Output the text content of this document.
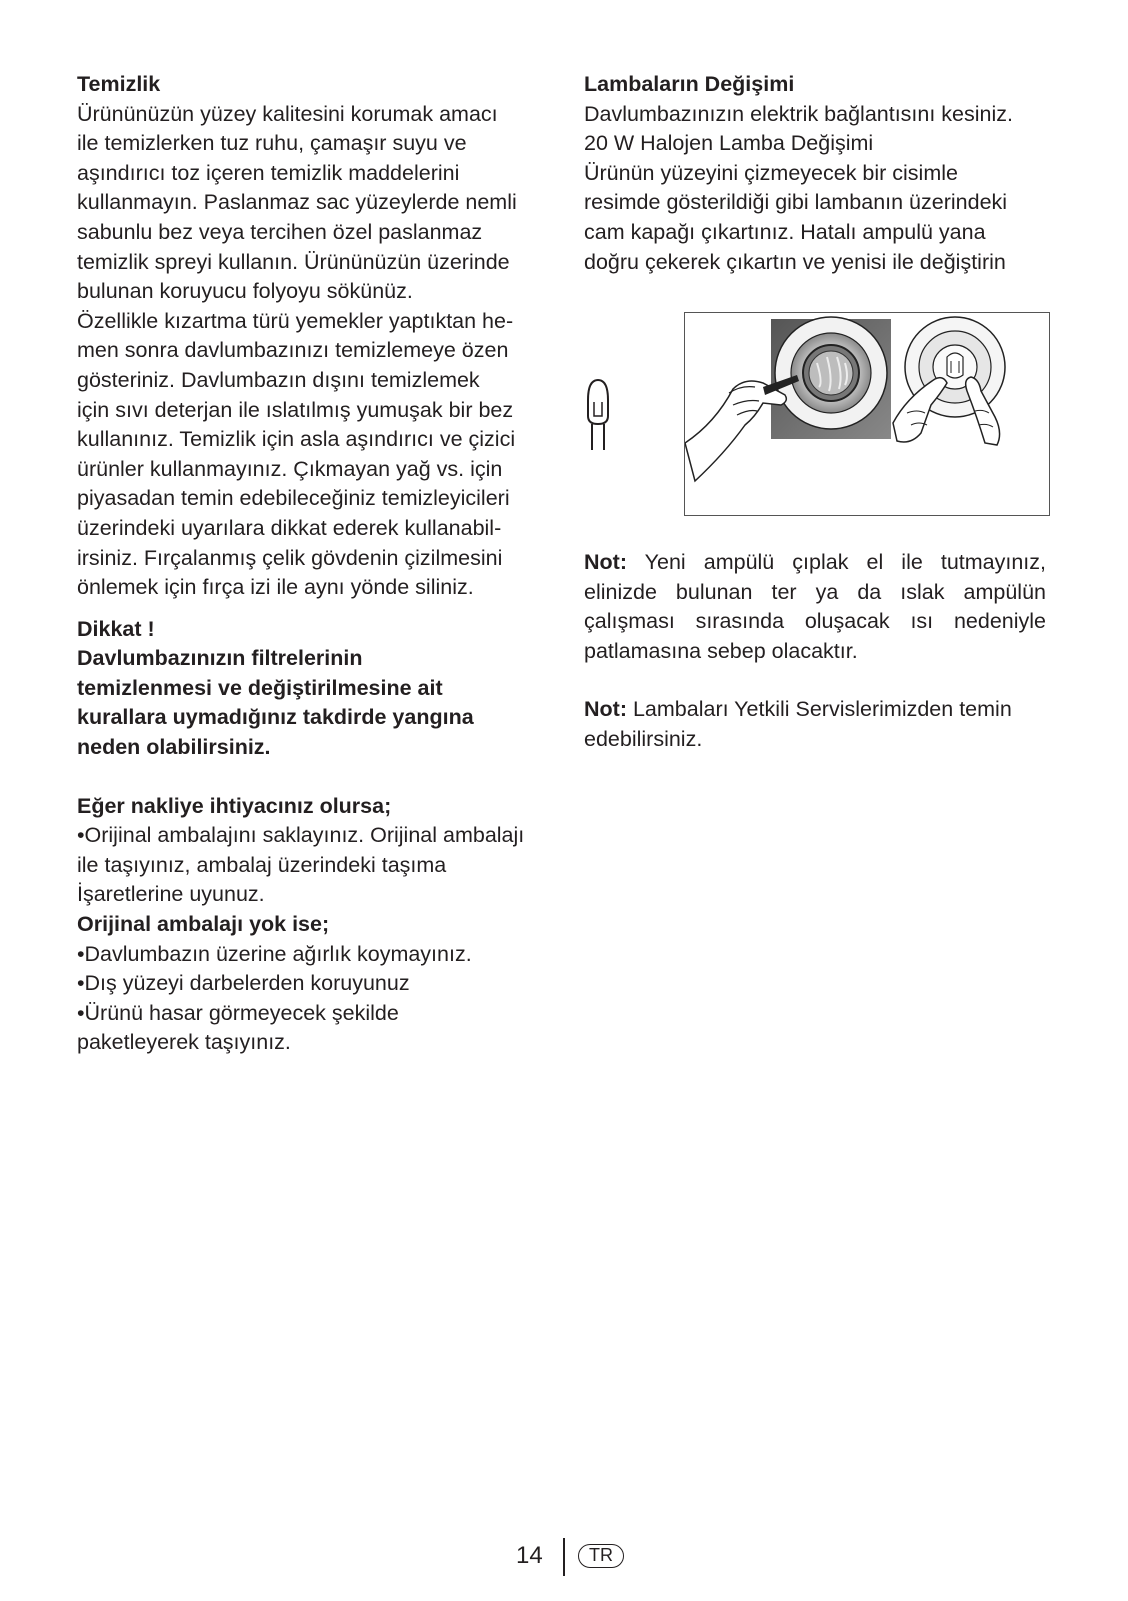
Temizlik
Ürününüzün yüzey kalitesini korumak amacı
ile temizlerken tuz ruhu, çamaşır suyu ve
aşındırıcı toz içeren temizlik maddelerini
kullanmayın. Paslanmaz sac yüzeylerde nemli
sabunlu bez veya tercihen özel paslanmaz
temizlik spreyi kullanın. Ürününüzün üzerinde
bulunan koruyucu folyoyu sökünüz.
Özellikle kızartma türü yemekler yaptıktan he-
men sonra davlumbazınızı temizlemeye özen
gösteriniz. Davlumbazın dışını temizlemek
için sıvı deterjan ile ıslatılmış yumuşak bir bez
kullanınız. Temizlik için asla aşındırıcı ve çizici
ürünler kullanmayınız. Çıkmayan yağ vs. için
piyasadan temin edebileceğiniz temizleyicileri
üzerindeki uyarılara dikkat ederek kullanabil-
irsiniz. Fırçalanmış çelik gövdenin çizilmesini
önlemek için fırça izi ile aynı yönde siliniz.
Dikkat !
Davlumbazınızın filtrelerinin
temizlenmesi ve değiştirilmesine ait
kurallara uymadığınız takdirde yangına
neden olabilirsiniz.
Eğer nakliye ihtiyacınız olursa;
•Orijinal ambalajını saklayınız. Orijinal ambalajı
ile taşıyınız, ambalaj üzerindeki taşıma
İşaretlerine uyunuz.
Orijinal ambalajı yok ise;
•Davlumbazın üzerine ağırlık koymayınız.
•Dış yüzeyi darbelerden koruyunuz
•Ürünü hasar görmeyecek şekilde
paketleyerek taşıyınız.
Lambaların Değişimi
Davlumbazınızın elektrik bağlantısını kesiniz.
20 W Halojen Lamba Değişimi
Ürünün yüzeyini çizmeyecek bir cisimle
resimde gösterildiği gibi lambanın üzerindeki
cam kapağı çıkartınız. Hatalı ampulü yana
doğru çekerek çıkartın ve yenisi ile değiştirin
Not: Yeni ampülü çıplak el ile tutmayınız, elinizde bulunan ter ya da ıslak ampülün çalışması sırasında oluşacak ısı nedeniyle patlamasına sebep olacaktır.
Not: Lambaları Yetkili Servislerimizden temin edebilirsiniz.
14	TR
